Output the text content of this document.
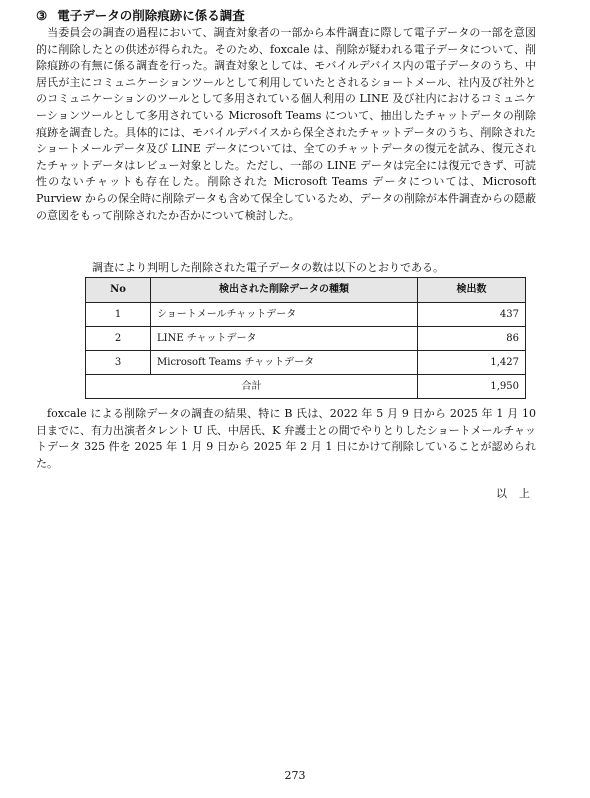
③ 電子データの削除痕跡に係る調査

当委員会の調査の過程において、調査対象者の一部から本件調査に際して電子データの一部を意図的に削除したとの供述が得られた。そのため、foxcale は、削除が疑われる電子データについて、削除痕跡の有無に係る調査を行った。調査対象としては、モバイルデバイス内の電子データのうち、中居氏が主にコミュニケーションツールとして利用していたとされるショートメール、社内及び社外とのコミュニケーションのツールとして多用されている個人利用の LINE 及び社内におけるコミュニケーションツールとして多用されている Microsoft Teams について、抽出したチャットデータの削除痕跡を調査した。具体的には、モバイルデバイスから保全されたチャットデータのうち、削除されたショートメールデータ及び LINE データについては、全てのチャットデータの復元を試み、復元されたチャットデータはレビュー対象とした。ただし、一部の LINE データは完全には復元できず、可読性のないチャットも存在した。削除された Microsoft Teams データについては、Microsoft Purview からの保全時に削除データも含めて保全しているため、データの削除が本件調査からの隠蔽の意図をもって削除されたか否かについて検討した。

調査により判明した削除された電子データの数は以下のとおりである。
No	検出された削除データの種類	検出数
1	ショートメールチャットデータ	437
2	LINE チャットデータ	86
3	Microsoft Teams チャットデータ	1,427
合計		1,950

foxcale による削除データの調査の結果、特に B 氏は、2022 年 5 月 9 日から 2025 年 1 月 10 日までに、有力出演者タレント U 氏、中居氏、K 弁護士との間でやりとりしたショートメールチャットデータ 325 件を 2025 年 1 月 9 日から 2025 年 2 月 1 日にかけて削除していることが認められた。

以上
273
